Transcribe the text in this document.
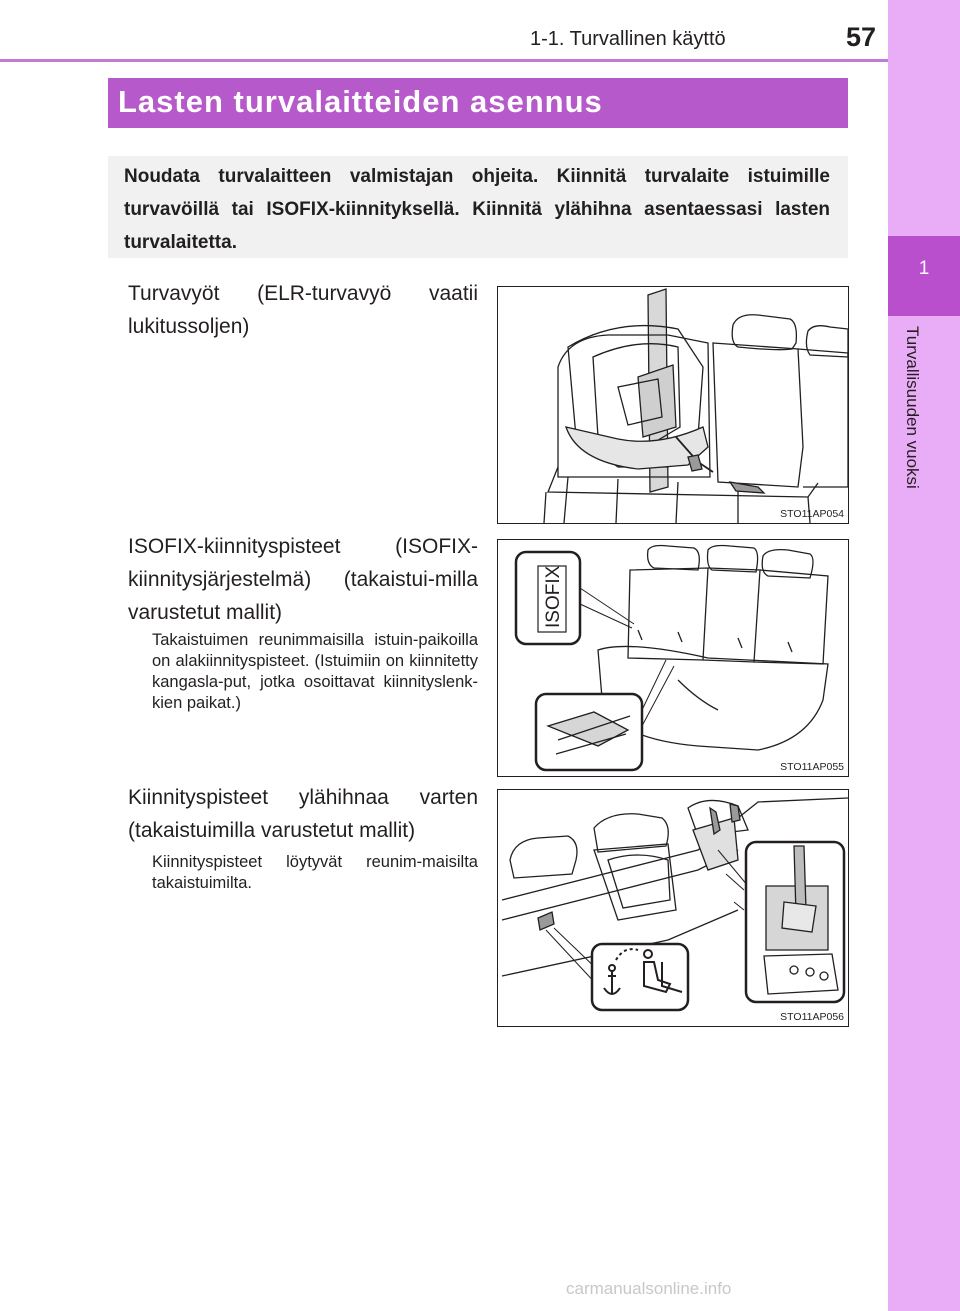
1-1. Turvallinen käyttö	57
1
Turvallisuuden vuoksi
Lasten turvalaitteiden asennus

Noudata turvalaitteen valmistajan ohjeita. Kiinnitä turvalaite istuimille turvavöillä tai ISOFIX-kiinnityksellä. Kiinnitä ylähihna asentaessasi lasten turvalaitetta.

Turvavyöt (ELR-turvavyö vaatii lukitussoljen)

STO11AP054

ISOFIX-kiinnityspisteet (ISOFIX-kiinnitysjärjestelmä) (takaistui-milla varustetut mallit)

Takaistuimen reunimmaisilla istuin-paikoilla on alakiinnityspisteet. (Istuimiin on kiinnitetty kangasla-put, jotka osoittavat kiinnityslenk-kien paikat.)

ISOFIX
STO11AP055

Kiinnityspisteet ylähihnaa varten (takaistuimilla varustetut mallit)

Kiinnityspisteet löytyvät reunim-maisilta takaistuimilta.

STO11AP056
carmanualsonline.info
